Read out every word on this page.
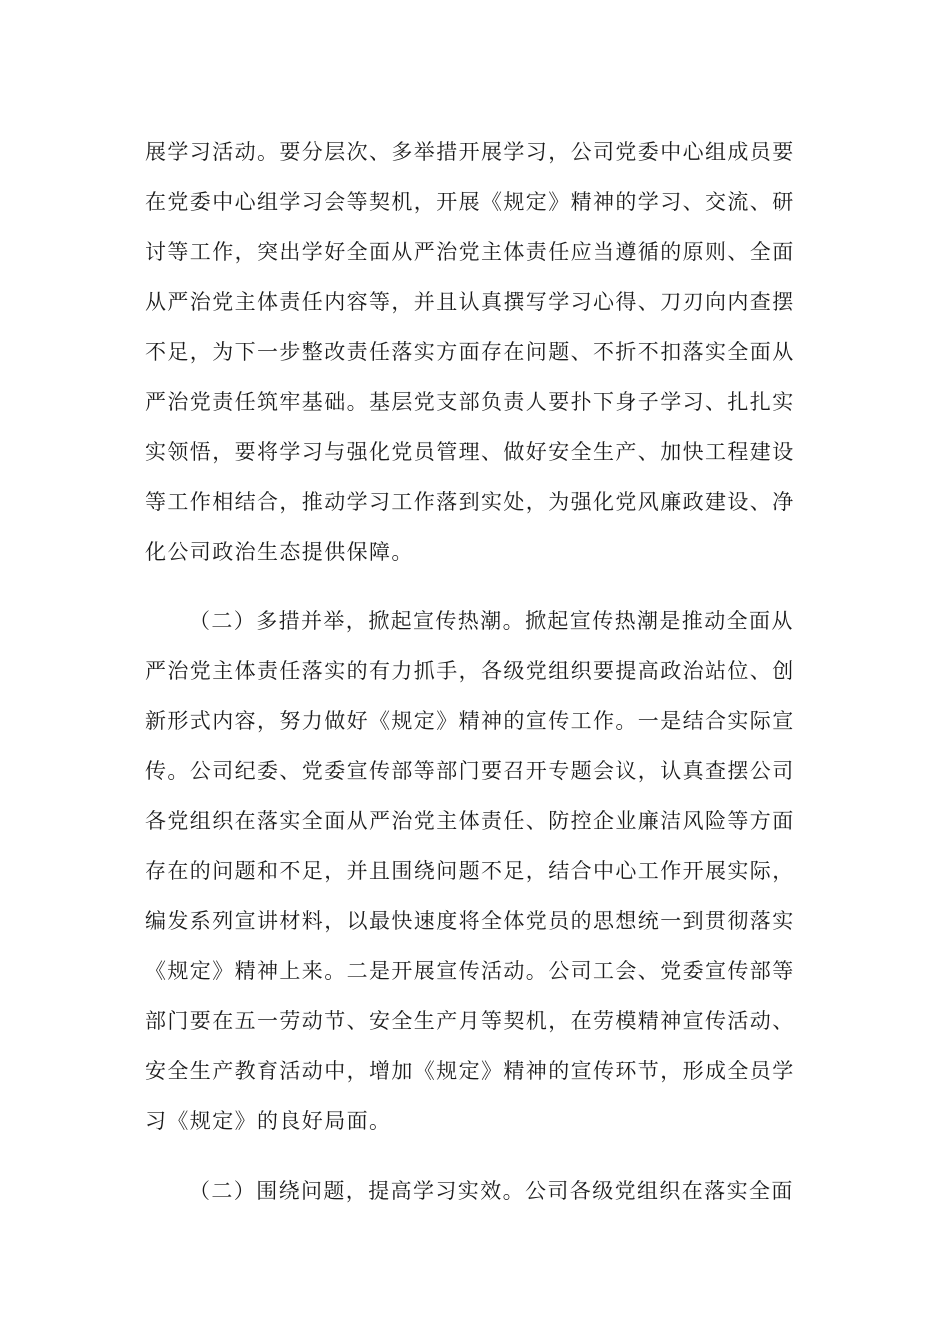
展学习活动。要分层次、多举措开展学习，公司党委中心组成员要
在党委中心组学习会等契机，开展《规定》精神的学习、交流、研
讨等工作，突出学好全面从严治党主体责任应当遵循的原则、全面
从严治党主体责任内容等，并且认真撰写学习心得、刀刃向内查摆
不足，为下一步整改责任落实方面存在问题、不折不扣落实全面从
严治党责任筑牢基础。基层党支部负责人要扑下身子学习、扎扎实
实领悟，要将学习与强化党员管理、做好安全生产、加快工程建设
等工作相结合，推动学习工作落到实处，为强化党风廉政建设、净
化公司政治生态提供保障。
（二）多措并举，掀起宣传热潮。掀起宣传热潮是推动全面从
严治党主体责任落实的有力抓手，各级党组织要提高政治站位、创
新形式内容，努力做好《规定》精神的宣传工作。一是结合实际宣
传。公司纪委、党委宣传部等部门要召开专题会议，认真查摆公司
各党组织在落实全面从严治党主体责任、防控企业廉洁风险等方面
存在的问题和不足，并且围绕问题不足，结合中心工作开展实际，
编发系列宣讲材料，以最快速度将全体党员的思想统一到贯彻落实
《规定》精神上来。二是开展宣传活动。公司工会、党委宣传部等
部门要在五一劳动节、安全生产月等契机，在劳模精神宣传活动、
安全生产教育活动中，增加《规定》精神的宣传环节，形成全员学
习《规定》的良好局面。
（二）围绕问题，提高学习实效。公司各级党组织在落实全面
